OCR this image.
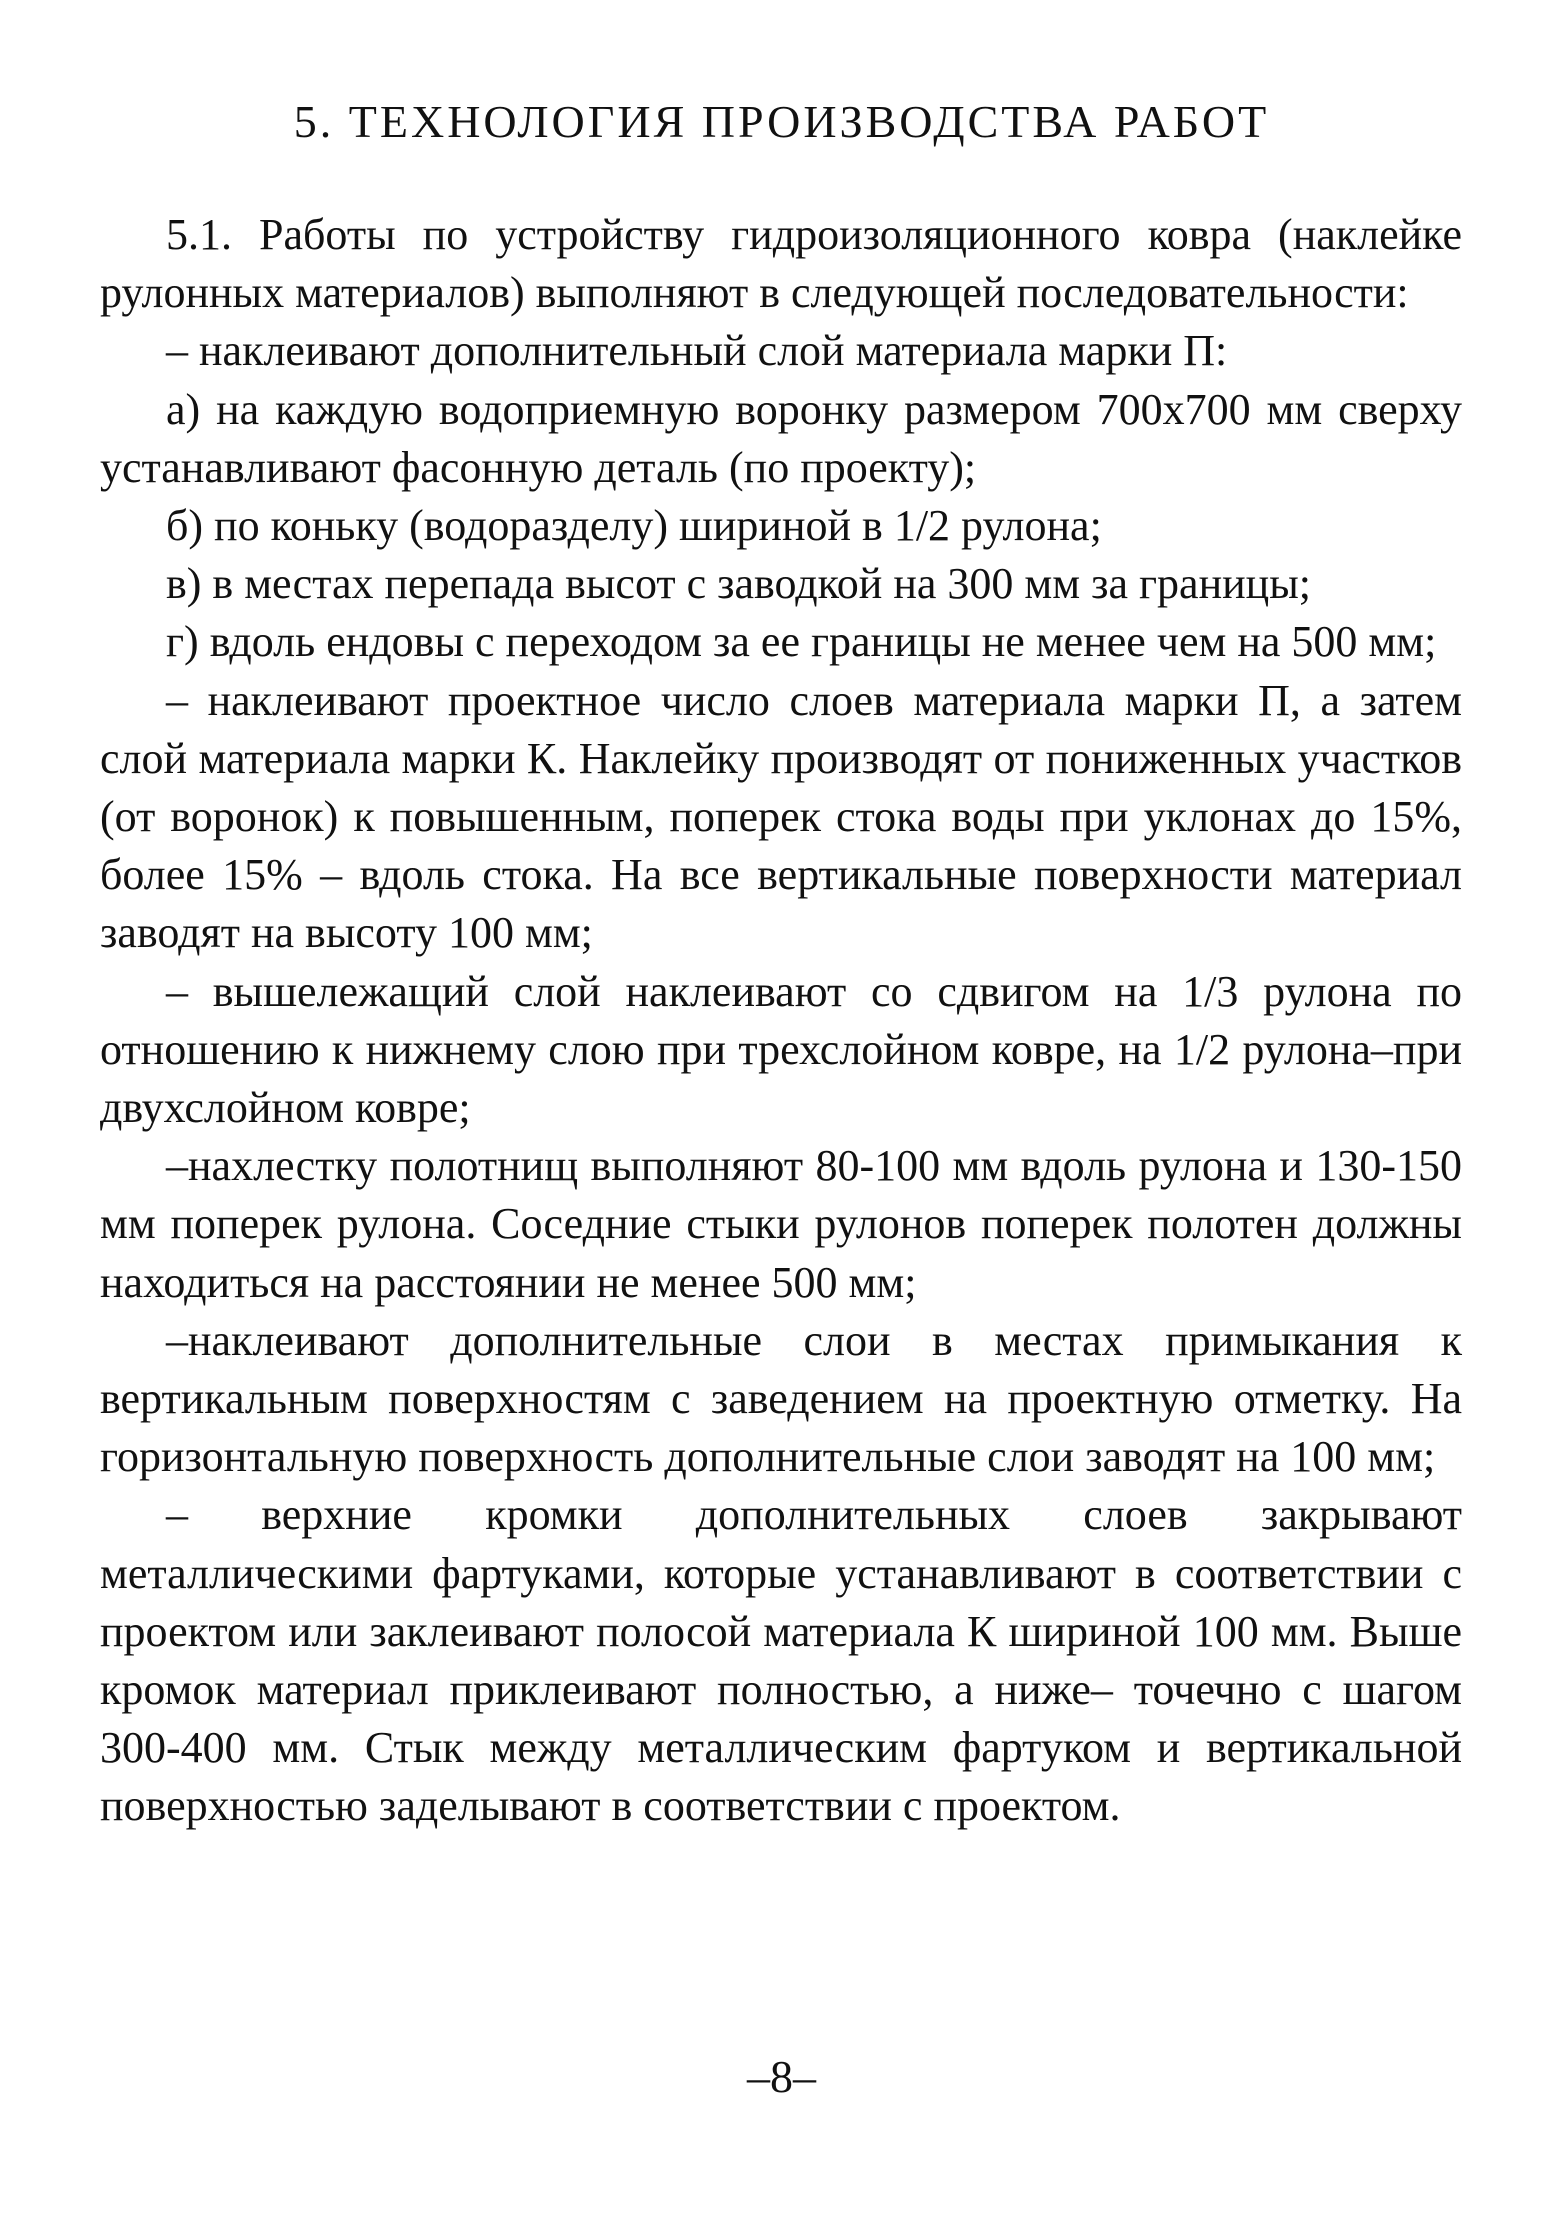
5. ТЕХНОЛОГИЯ ПРОИЗВОДСТВА РАБОТ

5.1. Работы по устройству гидроизоляционного ковра (наклейке рулонных материалов) выполняют в следующей последовательности:

– наклеивают дополнительный слой материала марки П:

а) на каждую водоприемную воронку размером 700х700 мм сверху устанавливают фасонную деталь (по проекту);

б) по коньку (водоразделу) шириной в 1/2 рулона;

в) в местах перепада высот с заводкой на 300 мм за границы;

г) вдоль ендовы с переходом за ее границы не менее чем на 500 мм;

– наклеивают проектное число слоев материала марки П, а затем слой материала марки К. Наклейку производят от пониженных участков (от воронок) к повышенным, поперек стока воды при уклонах до 15%, более 15% – вдоль стока. На все вертикальные поверхности материал заводят на высоту 100 мм;

– вышележащий слой наклеивают со сдвигом на 1/3 рулона по отношению к нижнему слою при трехслойном ковре, на 1/2 рулона–при двухслойном ковре;

–нахлестку полотнищ выполняют 80-100 мм вдоль рулона и 130-150 мм поперек рулона. Соседние стыки рулонов поперек полотен должны находиться на расстоянии не менее 500 мм;

–наклеивают дополнительные слои в местах примыкания к вертикальным поверхностям с заведением на проектную отметку. На горизонтальную поверхность дополнительные слои заводят на 100 мм;

– верхние кромки дополнительных слоев закрывают металлическими фартуками, которые устанавливают в соответствии с проектом или заклеивают полосой материала К шириной 100 мм. Выше кромок материал приклеивают полностью, а ниже– точечно с шагом 300-400 мм. Стык между металлическим фартуком и вертикальной поверхностью заделывают в соответствии с проектом.

–8–
